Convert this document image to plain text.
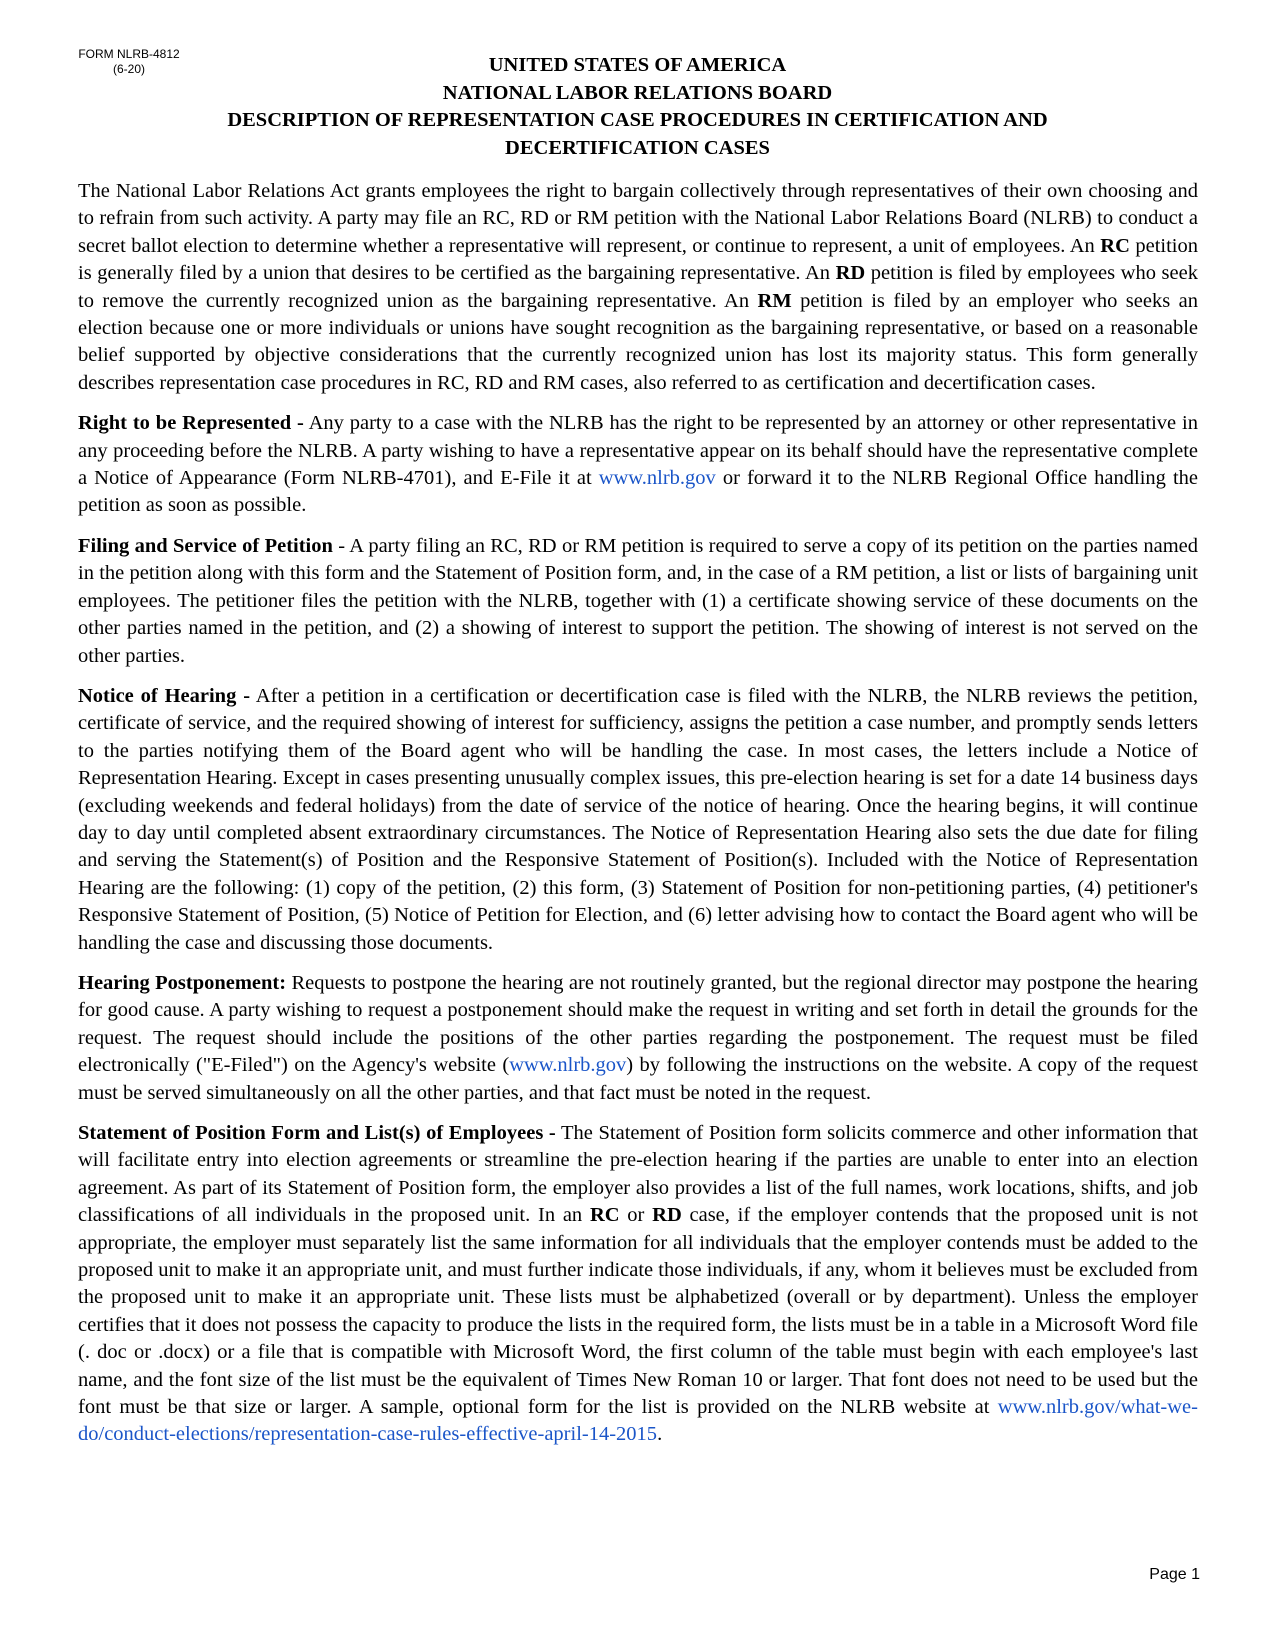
FORM NLRB-4812
(6-20)	UNITED STATES OF AMERICA
NATIONAL LABOR RELATIONS BOARD
DESCRIPTION OF REPRESENTATION CASE PROCEDURES IN CERTIFICATION AND
DECERTIFICATION CASES

The National Labor Relations Act grants employees the right to bargain collectively through representatives of their own choosing and to refrain from such activity. A party may file an RC, RD or RM petition with the National Labor Relations Board (NLRB) to conduct a secret ballot election to determine whether a representative will represent, or continue to represent, a unit of employees. An RC petition is generally filed by a union that desires to be certified as the bargaining representative. An RD petition is filed by employees who seek to remove the currently recognized union as the bargaining representative. An RM petition is filed by an employer who seeks an election because one or more individuals or unions have sought recognition as the bargaining representative, or based on a reasonable belief supported by objective considerations that the currently recognized union has lost its majority status. This form generally describes representation case procedures in RC, RD and RM cases, also referred to as certification and decertification cases.

Right to be Represented - Any party to a case with the NLRB has the right to be represented by an attorney or other representative in any proceeding before the NLRB. A party wishing to have a representative appear on its behalf should have the representative complete a Notice of Appearance (Form NLRB-4701), and E-File it at www.nlrb.gov or forward it to the NLRB Regional Office handling the petition as soon as possible.

Filing and Service of Petition - A party filing an RC, RD or RM petition is required to serve a copy of its petition on the parties named in the petition along with this form and the Statement of Position form, and, in the case of a RM petition, a list or lists of bargaining unit employees. The petitioner files the petition with the NLRB, together with (1) a certificate showing service of these documents on the other parties named in the petition, and (2) a showing of interest to support the petition. The showing of interest is not served on the other parties.

Notice of Hearing - After a petition in a certification or decertification case is filed with the NLRB, the NLRB reviews the petition, certificate of service, and the required showing of interest for sufficiency, assigns the petition a case number, and promptly sends letters to the parties notifying them of the Board agent who will be handling the case. In most cases, the letters include a Notice of Representation Hearing. Except in cases presenting unusually complex issues, this pre-election hearing is set for a date 14 business days (excluding weekends and federal holidays) from the date of service of the notice of hearing. Once the hearing begins, it will continue day to day until completed absent extraordinary circumstances. The Notice of Representation Hearing also sets the due date for filing and serving the Statement(s) of Position and the Responsive Statement of Position(s). Included with the Notice of Representation Hearing are the following: (1) copy of the petition, (2) this form, (3) Statement of Position for non-petitioning parties, (4) petitioner's Responsive Statement of Position, (5) Notice of Petition for Election, and (6) letter advising how to contact the Board agent who will be handling the case and discussing those documents.

Hearing Postponement: Requests to postpone the hearing are not routinely granted, but the regional director may postpone the hearing for good cause. A party wishing to request a postponement should make the request in writing and set forth in detail the grounds for the request. The request should include the positions of the other parties regarding the postponement. The request must be filed electronically ("E-Filed") on the Agency's website (www.nlrb.gov) by following the instructions on the website. A copy of the request must be served simultaneously on all the other parties, and that fact must be noted in the request.

Statement of Position Form and List(s) of Employees - The Statement of Position form solicits commerce and other information that will facilitate entry into election agreements or streamline the pre-election hearing if the parties are unable to enter into an election agreement. As part of its Statement of Position form, the employer also provides a list of the full names, work locations, shifts, and job classifications of all individuals in the proposed unit. In an RC or RD case, if the employer contends that the proposed unit is not appropriate, the employer must separately list the same information for all individuals that the employer contends must be added to the proposed unit to make it an appropriate unit, and must further indicate those individuals, if any, whom it believes must be excluded from the proposed unit to make it an appropriate unit. These lists must be alphabetized (overall or by department). Unless the employer certifies that it does not possess the capacity to produce the lists in the required form, the lists must be in a table in a Microsoft Word file (. doc or .docx) or a file that is compatible with Microsoft Word, the first column of the table must begin with each employee's last name, and the font size of the list must be the equivalent of Times New Roman 10 or larger. That font does not need to be used but the font must be that size or larger. A sample, optional form for the list is provided on the NLRB website at www.nlrb.gov/what-we-do/conduct-elections/representation-case-rules-effective-april-14-2015.

Page 1
